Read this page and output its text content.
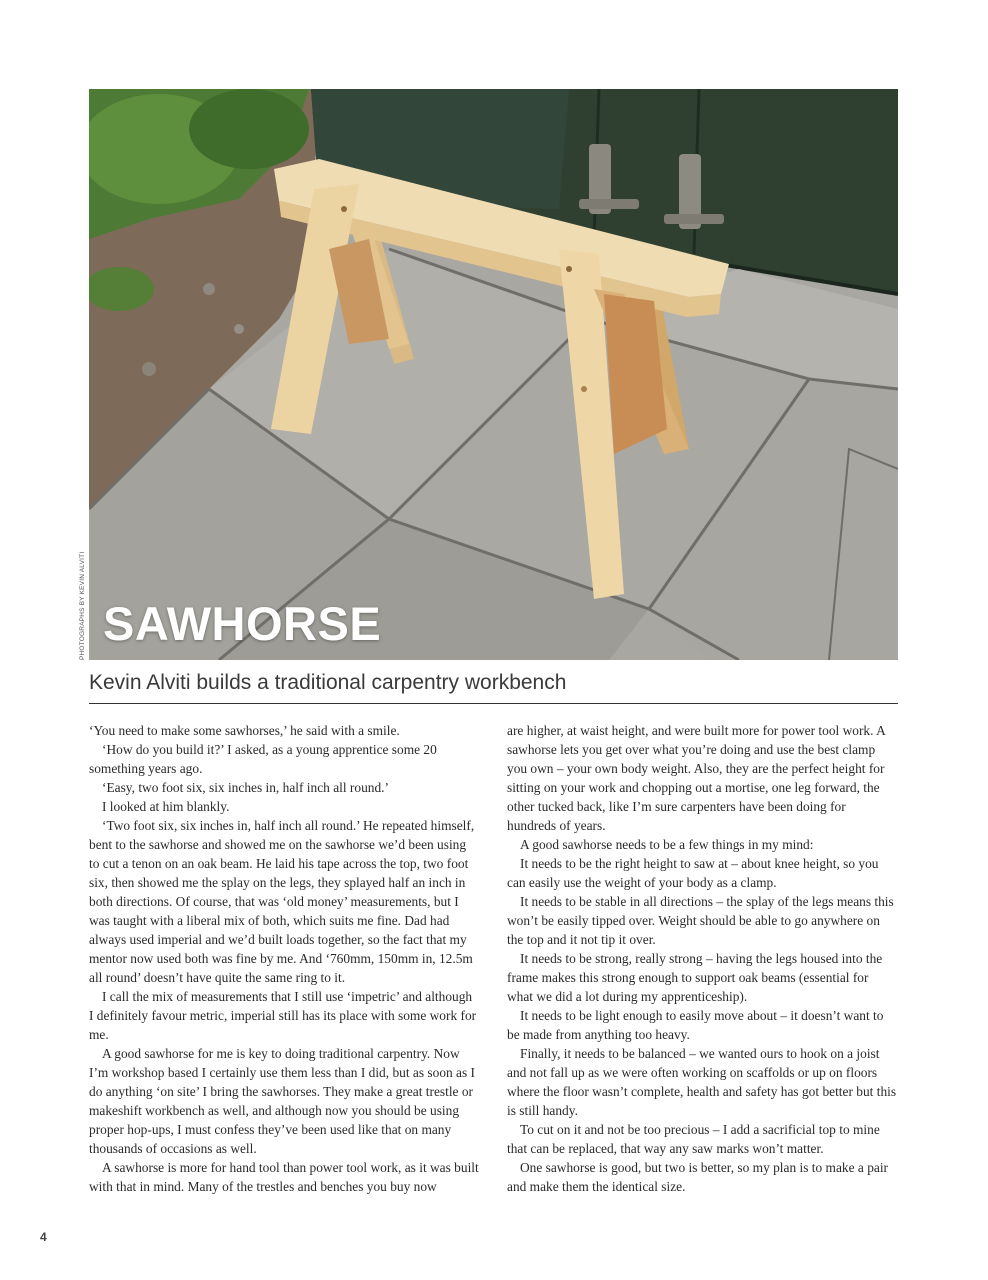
SAWHORSE
PHOTOGRAPHS BY KEVIN ALVITI
Kevin Alviti builds a traditional carpentry workbench

‘You need to make some sawhorses,’ he said with a smile.

‘How do you build it?’ I asked, as a young apprentice some 20 something years ago.

‘Easy, two foot six, six inches in, half inch all round.’

I looked at him blankly.

‘Two foot six, six inches in, half inch all round.’ He repeated himself, bent to the sawhorse and showed me on the sawhorse we’d been using to cut a tenon on an oak beam. He laid his tape across the top, two foot six, then showed me the splay on the legs, they splayed half an inch in both directions. Of course, that was ‘old money’ measurements, but I was taught with a liberal mix of both, which suits me fine. Dad had always used imperial and we’d built loads together, so the fact that my mentor now used both was fine by me. And ‘760mm, 150mm in, 12.5m all round’ doesn’t have quite the same ring to it.

I call the mix of measurements that I still use ‘impetric’ and although I definitely favour metric, imperial still has its place with some work for me.

A good sawhorse for me is key to doing traditional carpentry. Now I’m workshop based I certainly use them less than I did, but as soon as I do anything ‘on site’ I bring the sawhorses. They make a great trestle or makeshift workbench as well, and although now you should be using proper hop-ups, I must confess they’ve been used like that on many thousands of occasions as well.

A sawhorse is more for hand tool than power tool work, as it was built with that in mind. Many of the trestles and benches you buy now

are higher, at waist height, and were built more for power tool work. A sawhorse lets you get over what you’re doing and use the best clamp you own – your own body weight. Also, they are the perfect height for sitting on your work and chopping out a mortise, one leg forward, the other tucked back, like I’m sure carpenters have been doing for hundreds of years.

A good sawhorse needs to be a few things in my mind:

It needs to be the right height to saw at – about knee height, so you can easily use the weight of your body as a clamp.

It needs to be stable in all directions – the splay of the legs means this won’t be easily tipped over. Weight should be able to go anywhere on the top and it not tip it over.

It needs to be strong, really strong – having the legs housed into the frame makes this strong enough to support oak beams (essential for what we did a lot during my apprenticeship).

It needs to be light enough to easily move about – it doesn’t want to be made from anything too heavy.

Finally, it needs to be balanced – we wanted ours to hook on a joist and not fall up as we were often working on scaffolds or up on floors where the floor wasn’t complete, health and safety has got better but this is still handy.

To cut on it and not be too precious – I add a sacrificial top to mine that can be replaced, that way any saw marks won’t matter.

One sawhorse is good, but two is better, so my plan is to make a pair and make them the identical size.

4
